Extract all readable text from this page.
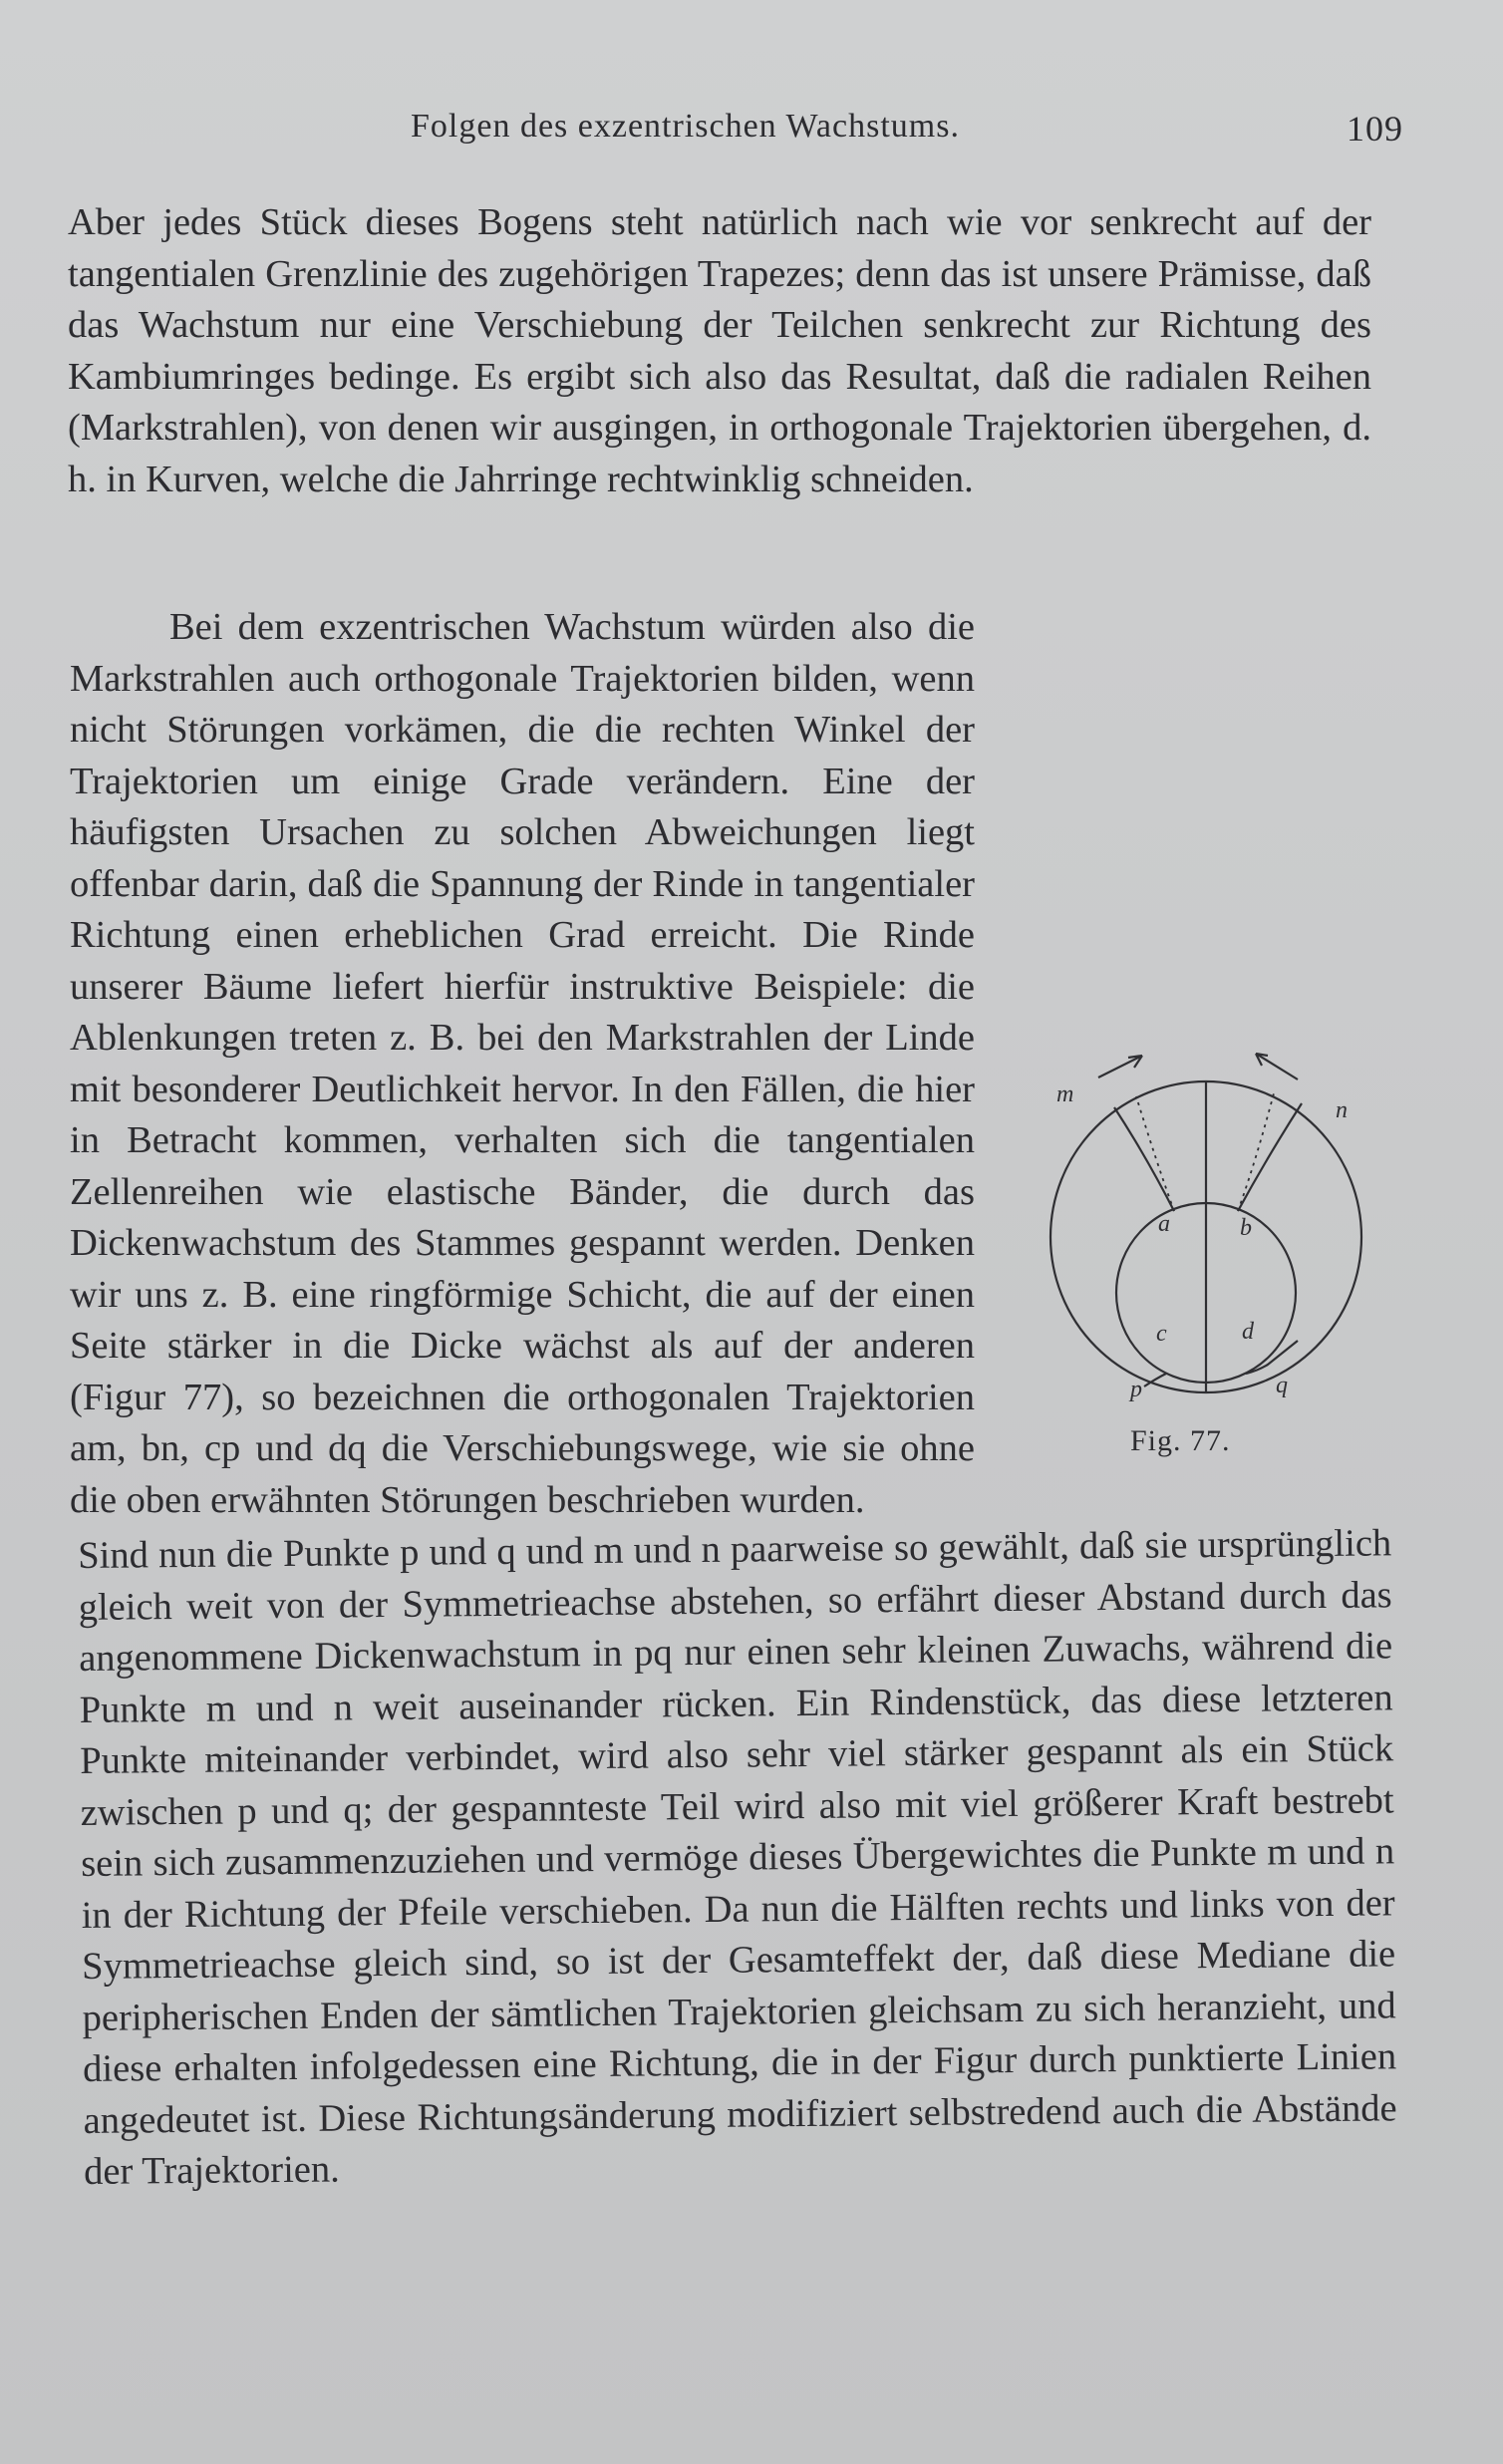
Folgen des exzentrischen Wachstums.	109

Aber jedes Stück dieses Bogens steht natürlich nach wie vor senkrecht auf der tangentialen Grenzlinie des zugehörigen Trapezes; denn das ist unsere Prämisse, daß das Wachstum nur eine Verschiebung der Teilchen senkrecht zur Richtung des Kambiumringes bedinge. Es ergibt sich also das Resultat, daß die radialen Reihen (Markstrahlen), von denen wir ausgingen, in orthogonale Trajektorien übergehen, d. h. in Kurven, welche die Jahrringe rechtwinklig schneiden.

Bei dem exzentrischen Wachstum würden also die Markstrahlen auch orthogonale Trajektorien bilden, wenn nicht Störungen vorkämen, die die rechten Winkel der Trajektorien um einige Grade verändern. Eine der häufigsten Ursachen zu solchen Abweichungen liegt offenbar darin, daß die Spannung der Rinde in tangentialer Richtung einen erheblichen Grad erreicht. Die Rinde unserer Bäume liefert hierfür instruktive Beispiele: die Ablenkungen treten z. B. bei den Markstrahlen der Linde mit besonderer Deutlichkeit hervor. In den Fällen, die hier in Betracht kommen, verhalten sich die tangentialen Zellenreihen wie elastische Bänder, die durch das Dickenwachstum des Stammes gespannt werden. Denken wir uns z. B. eine ringförmige Schicht, die auf der einen Seite stärker in die Dicke wächst als auf der anderen (Figur 77), so bezeichnen die orthogonalen Trajektorien am, bn, cp und dq die Verschiebungswege, wie sie ohne die oben erwähnten Störungen beschrieben wurden.

Sind nun die Punkte p und q und m und n paarweise so gewählt, daß sie ursprünglich gleich weit von der Symmetrieachse abstehen, so erfährt dieser Abstand durch das angenommene Dickenwachstum in pq nur einen sehr kleinen Zuwachs, während die Punkte m und n weit auseinander rücken. Ein Rindenstück, das diese letzteren Punkte miteinander verbindet, wird also sehr viel stärker gespannt als ein Stück zwischen p und q; der gespannteste Teil wird also mit viel größerer Kraft bestrebt sein sich zusammenzuziehen und vermöge dieses Übergewichtes die Punkte m und n in der Richtung der Pfeile verschieben. Da nun die Hälften rechts und links von der Symmetrieachse gleich sind, so ist der Gesamteffekt der, daß diese Mediane die peripherischen Enden der sämtlichen Trajektorien gleichsam zu sich heranzieht, und diese erhalten infolgedessen eine Richtung, die in der Figur durch punktierte Linien angedeutet ist. Diese Richtungsänderung modifiziert selbstredend auch die Abstände der Trajektorien.

m
n
a	b
c	d
p	q
Fig. 77.
